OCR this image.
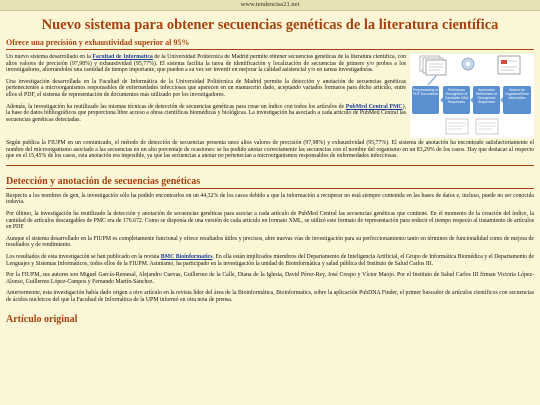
www.tendencias21.net
Nuevo sistema para obtener secuencias genéticas de la literatura científica
Ofrece una precisión y exhaustividad superior al 95%
Preprocessing of PDF Documents
Preliminary Recognition of Candidate DNA Sequences
Automated Refinement of Recognized Sequences
Search for Organism/Gene Information

Un nuevo sistema desarrollado en la Facultad de Informática de la Universidad Politécnica de Madrid permite obtener secuencias genéticas de la literatura científica, con altos valores de precisión (97,98%) y exhaustividad (95,77%). El sistema facilita la tarea de identificación y localización de secuencias de primers y/o probes a los investigadores, ahorrándoles una cantidad de tiempo importante, que pueden a su vez ser invertir en mejorar la calidad asistencial y/o en tareas investigadoras.

Una investigación desarrollada en la Facultad de Informática de la Universidad Politécnica de Madrid permite la detección y anotación de secuencias genéticas pertenecientes a microorganismos responsables de enfermedades infecciosas que aparecen en un manuscrito dado, aceptando variados formatos para dicho artículo, entre ellos el PDF, el sistema de representación de documentos más utilizado por los investigadores.

Además, la investigación ha reutilizado las mismas técnicas de detección de secuencias genéticas para crear un índice con todos los artículos de PubMed Central PMC), la base de datos bibliográficos que proporciona libre acceso a obras científicas biomédicas y biológicas. La investigación ha asociado a cada artículo de PubMed Central las secuencias genéticas detectadas.

Según publica la FIUPM en un comunicado, el método de detección de secuencias presenta unos altos valores de precisión (97,98%) y exhaustividad (95,77%). El sistema de anotación ha encontrado satisfactoriamente el nombre del microorganismo asociado a las secuencias en un alto porcentaje de ocasiones: se ha podido anotar correctamente las secuencias con el nombre del organismo en un 83,29% de los casos. Hay que destacar al respecto que en el 15,45% de los casos, esta anotación era imposible, ya que las secuencias a anotar no pertenecían a microorganismos responsables de enfermedades infecciosas.

Detección y anotación de secuencias genéticas

Respecto a los nombres de gen, la investigación sólo ha podido encontrarlos en un 44,32% de los casos debido a que la información a recuperar no está siempre contenida en las bases de datos e, incluso, puede no ser conocida todavía.

Por último, la investigación ha reutilizado la detección y anotación de secuencias genéticas para asociar a cada artículo de PubMed Central las secuencias genéticas que contiene. En el momento de la creación del índice, la cantidad de artículos descargables de PMC era de 176.672. Como se disponía de una versión de cada artículo en formato XML, se utilizó este formato de representación para reducir el tiempo respecto al tratamiento de artículos en PDF.

Aunque el sistema desarrollado en la FIUPM es completamente funcional y ofrece resultados útiles y precisos, abre nuevas vías de investigación para su perfeccionamiento tanto en términos de funcionalidad como de mejora de resultados y de rendimiento.

Los resultados de esta investigación se han publicado en la revista BMC Bioinformatics. En ella están implicados miembros del Departamento de Inteligencia Artificial, el Grupo de Informática Biomédica y el Departamento de Lenguajes y Sistemas Informáticos, todos ellos de la FIUPM. Asimismo, ha participado en la investigación la unidad de Bioinformática y salud pública del Instituto de Salud Carlos III.

Por la FIUPM, sus autores son Miguel García-Remesal, Alejandro Cuevas, Guillermo de la Calle, Diana de la Iglesia, David Pérez-Rey, José Crespo y Víctor Maojo. Por el Instituto de Salud Carlos III firman Victoria López-Alonso, Guillermo López-Campos y Fernando Martín-Sánchez.

Anteriormente, esta investigación había dado origen a otro artículo en la revista líder del área de la Bioinformática, Bioinformatics, sobre la aplicación PubDNA Finder, el primer buscador de artículos científicos con secuencias de ácidos nucleicos del que la Facultad de Informática de la UPM informó en otra nota de prensa.

Artículo original
